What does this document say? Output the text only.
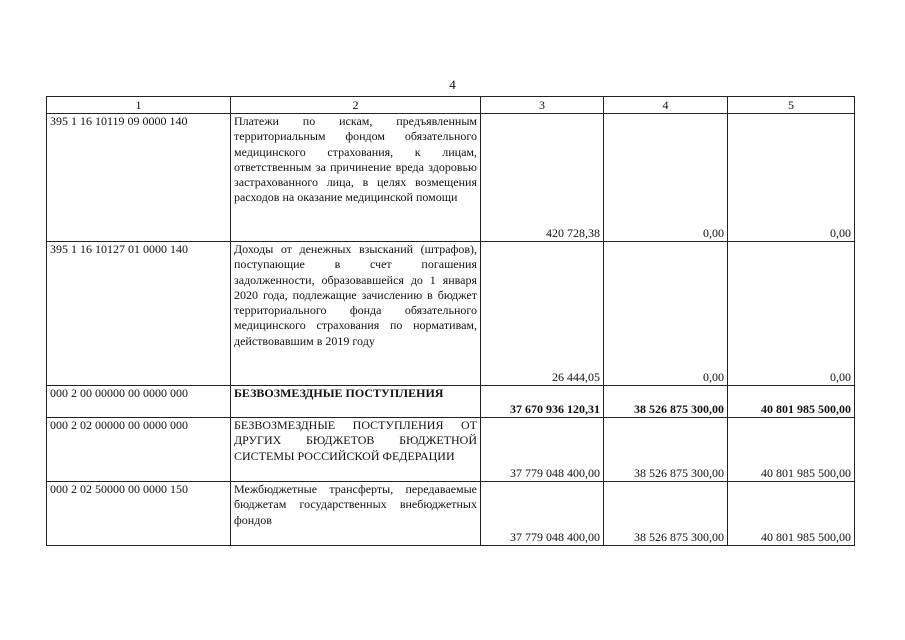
4
1	2	3	4	5
395 1 16 10119 09 0000 140	Платежи по искам, предъявленным территориальным фондом обязательного медицинского страхования, к лицам, ответственным за причинение вреда здоровью застрахованного лица, в целях возмещения расходов на оказание медицинской помощи	420 728,38	0,00	0,00
395 1 16 10127 01 0000 140	Доходы от денежных взысканий (штрафов), поступающие в счет погашения задолженности, образовавшейся до 1 января 2020 года, подлежащие зачислению в бюджет территориального фонда обязательного медицинского страхования по нормативам, действовавшим в 2019 году	26 444,05	0,00	0,00
000 2 00 00000 00 0000 000	БЕЗВОЗМЕЗДНЫЕ ПОСТУПЛЕНИЯ	37 670 936 120,31	38 526 875 300,00	40 801 985 500,00
000 2 02 00000 00 0000 000	БЕЗВОЗМЕЗДНЫЕ ПОСТУПЛЕНИЯ ОТ ДРУГИХ БЮДЖЕТОВ БЮДЖЕТНОЙ СИСТЕМЫ РОССИЙСКОЙ ФЕДЕРАЦИИ	37 779 048 400,00	38 526 875 300,00	40 801 985 500,00
000 2 02 50000 00 0000 150	Межбюджетные трансферты, передаваемые бюджетам государственных внебюджетных фондов	37 779 048 400,00	38 526 875 300,00	40 801 985 500,00
